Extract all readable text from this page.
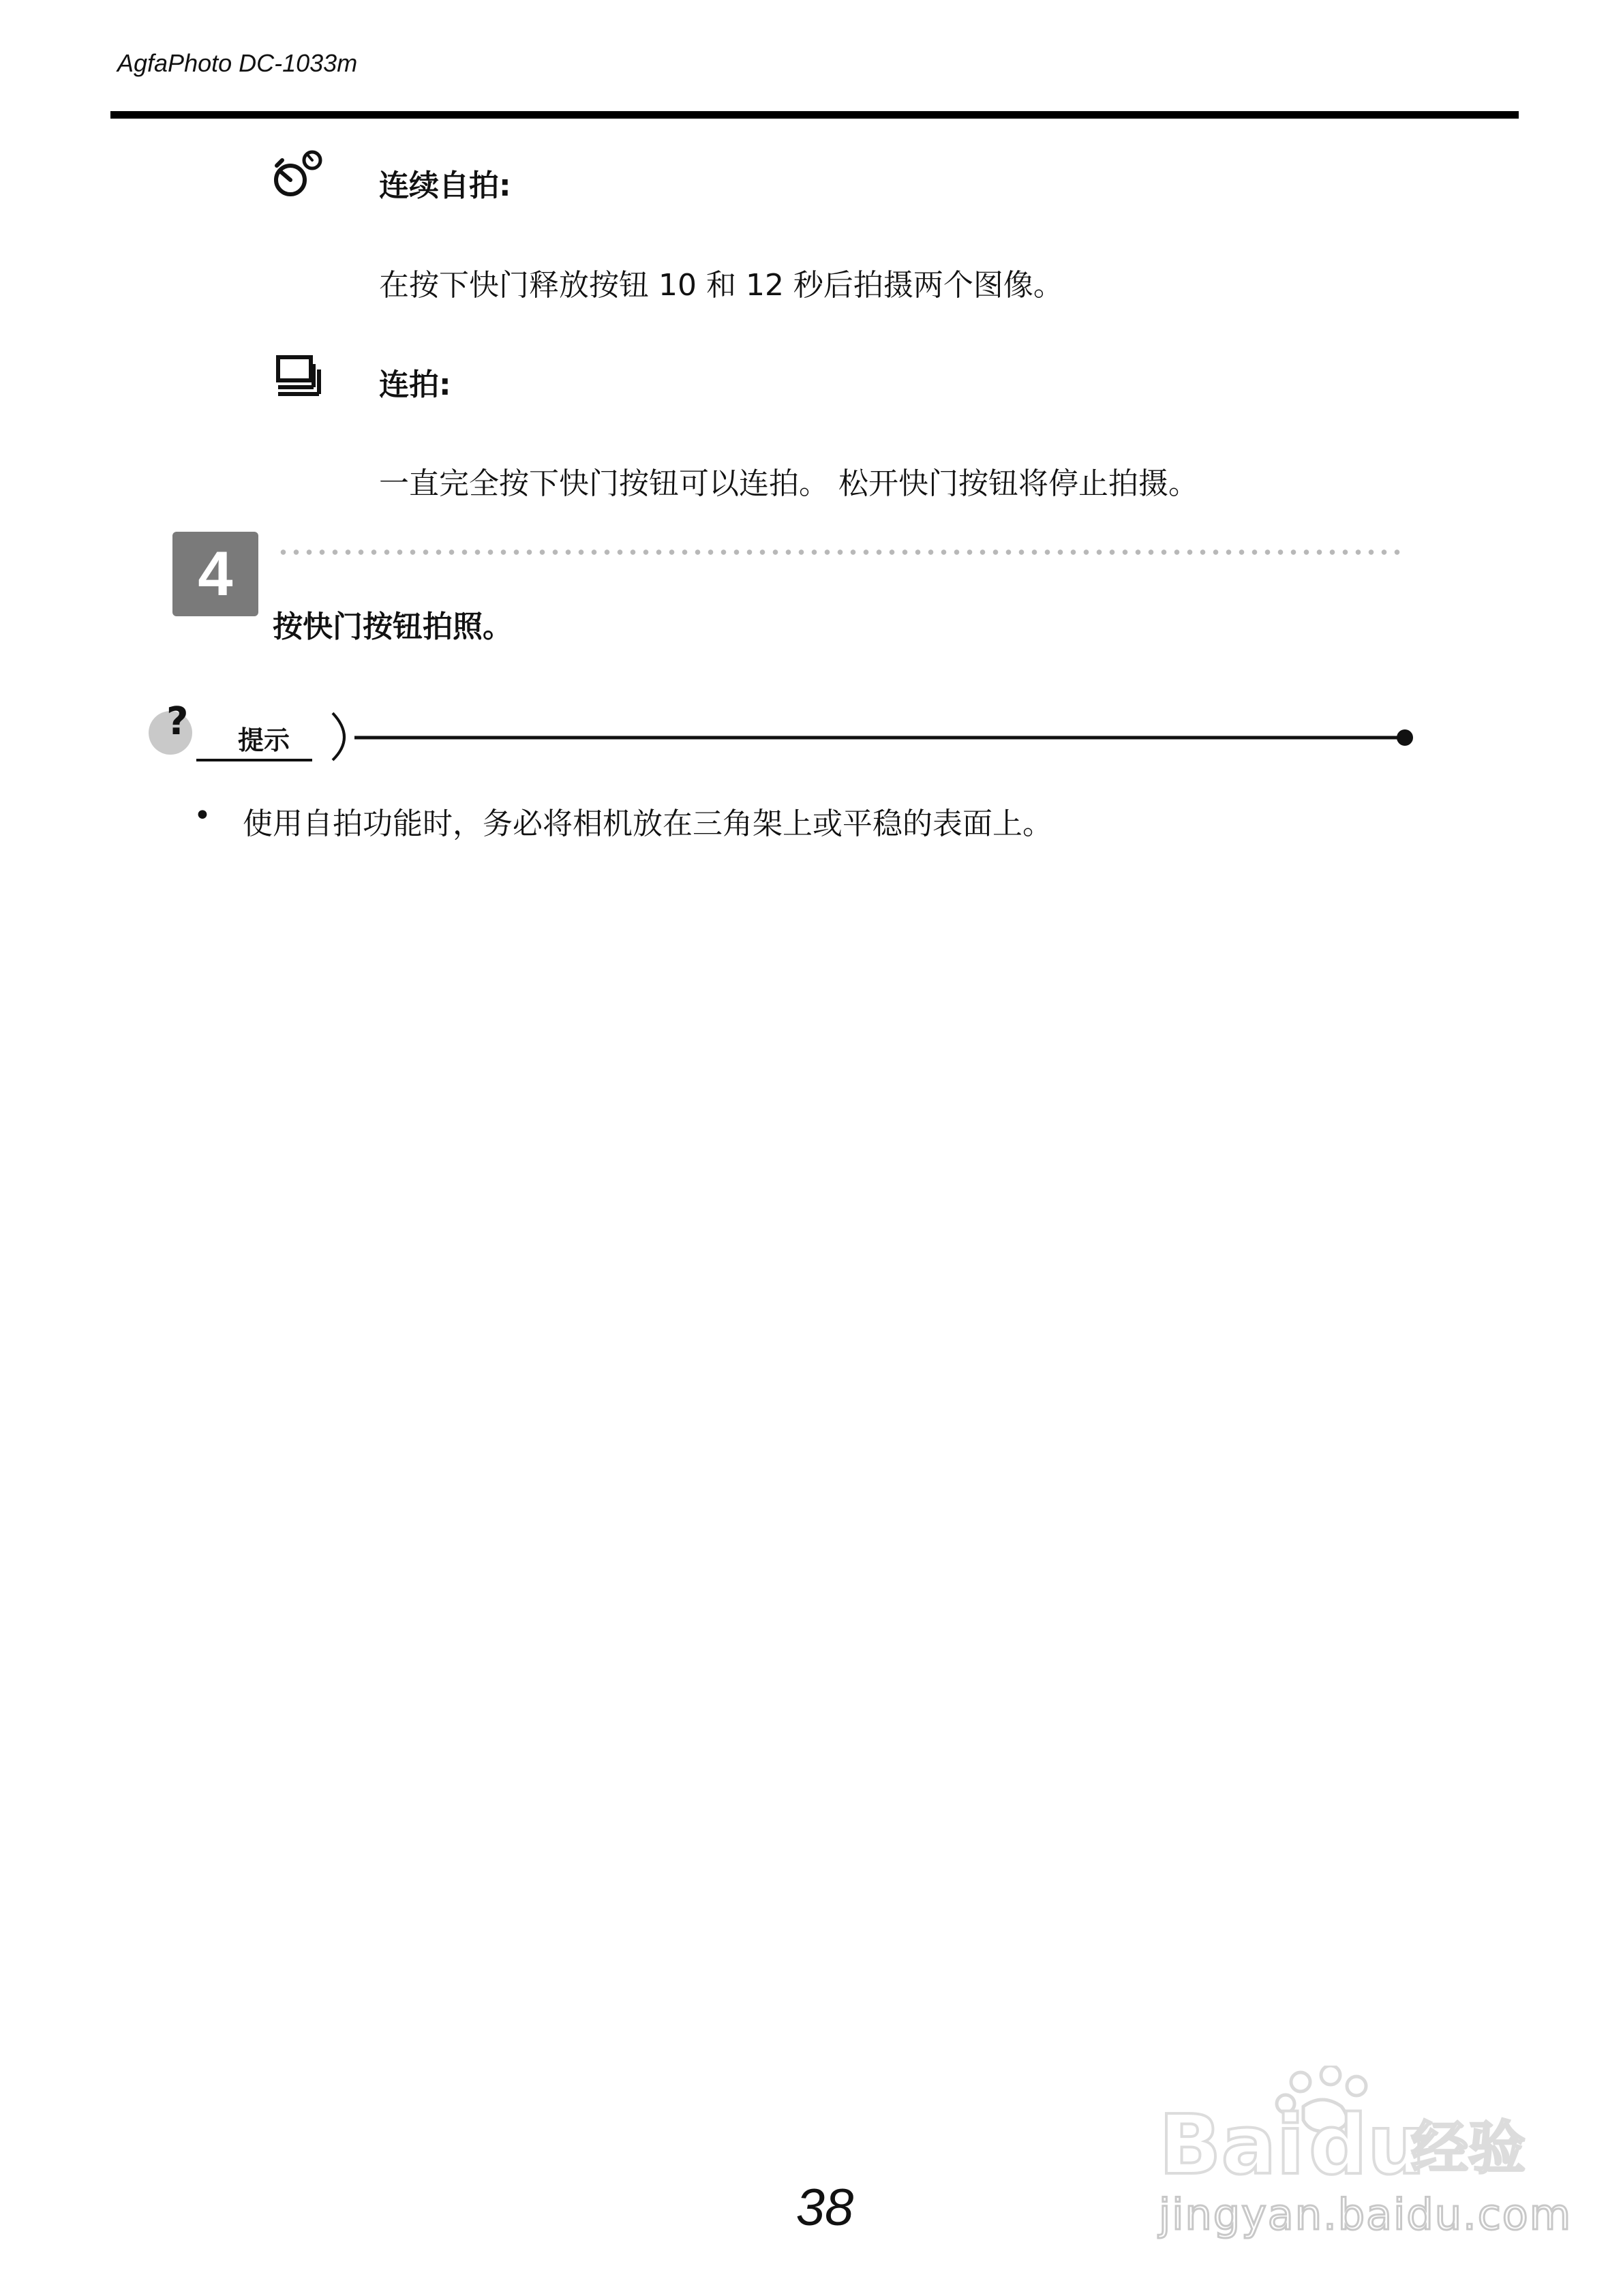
AgfaPhoto DC-1033m
连续自拍:
在按下快门释放按钮 10 和 12 秒后拍摄两个图像。
连拍:
一直完全按下快门按钮可以连拍。 松开快门按钮将停止拍摄。
4
按快门按钮拍照。
? 提示
• 使用自拍功能时，务必将相机放在三角架上或平稳的表面上。
38
Bai du
经验
jingyan.baidu.com
